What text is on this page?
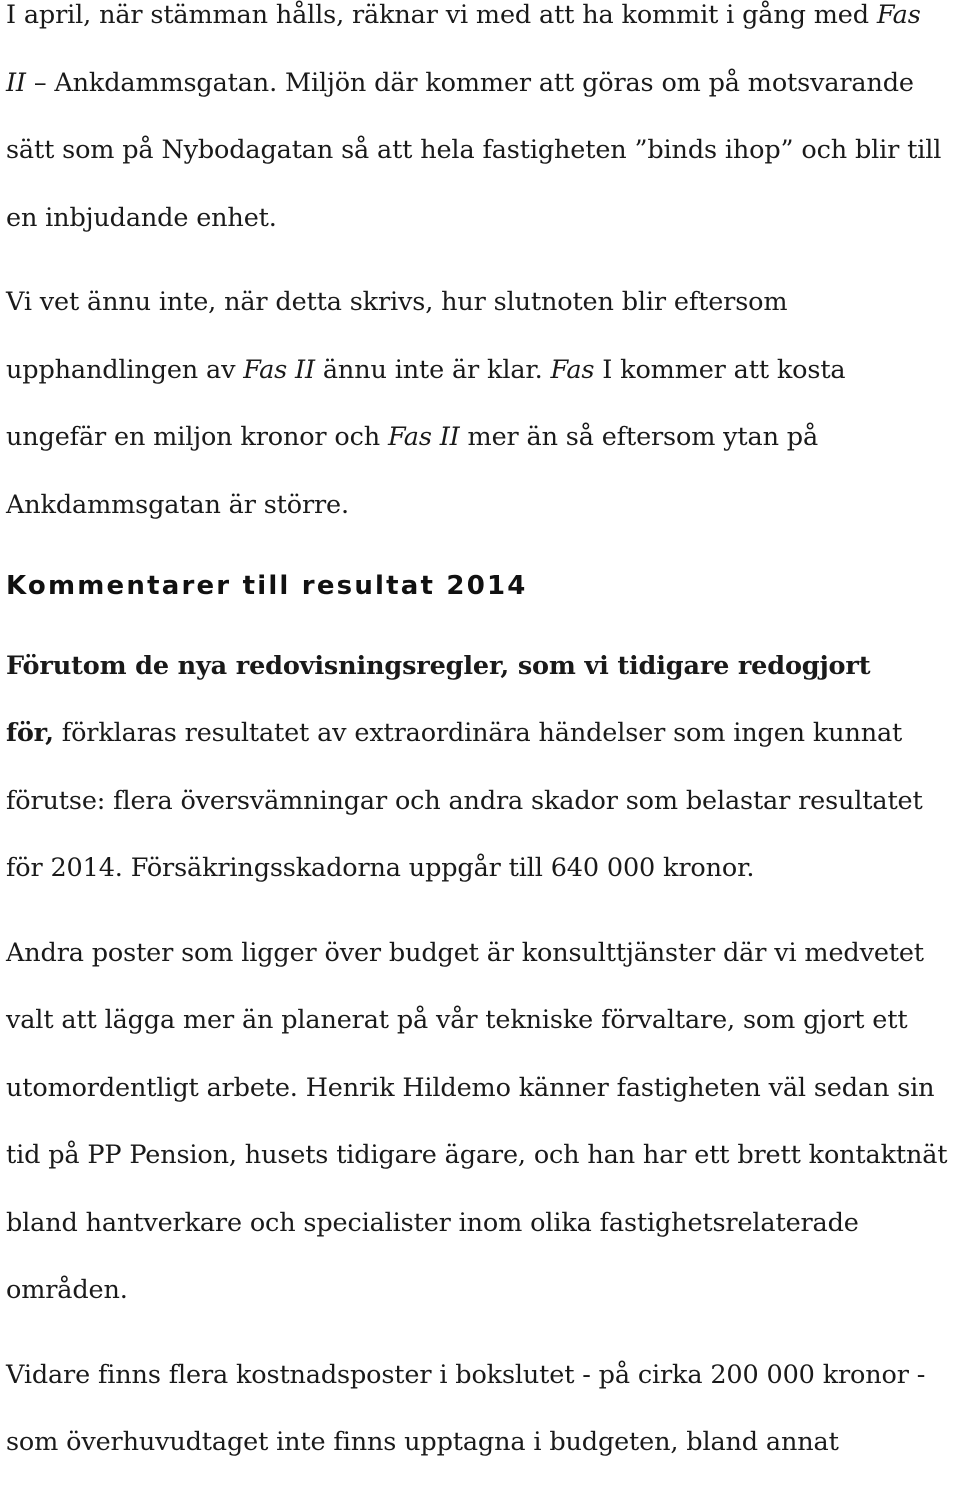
I april, när stämman hålls, räknar vi med att ha kommit i gång med Fas
II – Ankdammsgatan. Miljön där kommer att göras om på motsvarande
sätt som på Nybodagatan så att hela fastigheten ”binds ihop” och blir till
en inbjudande enhet.
Vi vet ännu inte, när detta skrivs, hur slutnoten blir eftersom
upphandlingen av Fas II ännu inte är klar. Fas I kommer att kosta
ungefär en miljon kronor och Fas II mer än så eftersom ytan på
Ankdammsgatan är större.
Kommentarer till resultat 2014
Förutom de nya redovisningsregler, som vi tidigare redogjort
för, förklaras resultatet av extraordinära händelser som ingen kunnat
förutse: flera översvämningar och andra skador som belastar resultatet
för 2014. Försäkringsskadorna uppgår till 640 000 kronor.
Andra poster som ligger över budget är konsulttjänster där vi medvetet
valt att lägga mer än planerat på vår tekniske förvaltare, som gjort ett
utomordentligt arbete. Henrik Hildemo känner fastigheten väl sedan sin
tid på PP Pension, husets tidigare ägare, och han har ett brett kontaktnät
bland hantverkare och specialister inom olika fastighetsrelaterade
områden.
Vidare finns flera kostnadsposter i bokslutet - på cirka 200 000 kronor -
som överhuvudtaget inte finns upptagna i budgeten, bland annat
